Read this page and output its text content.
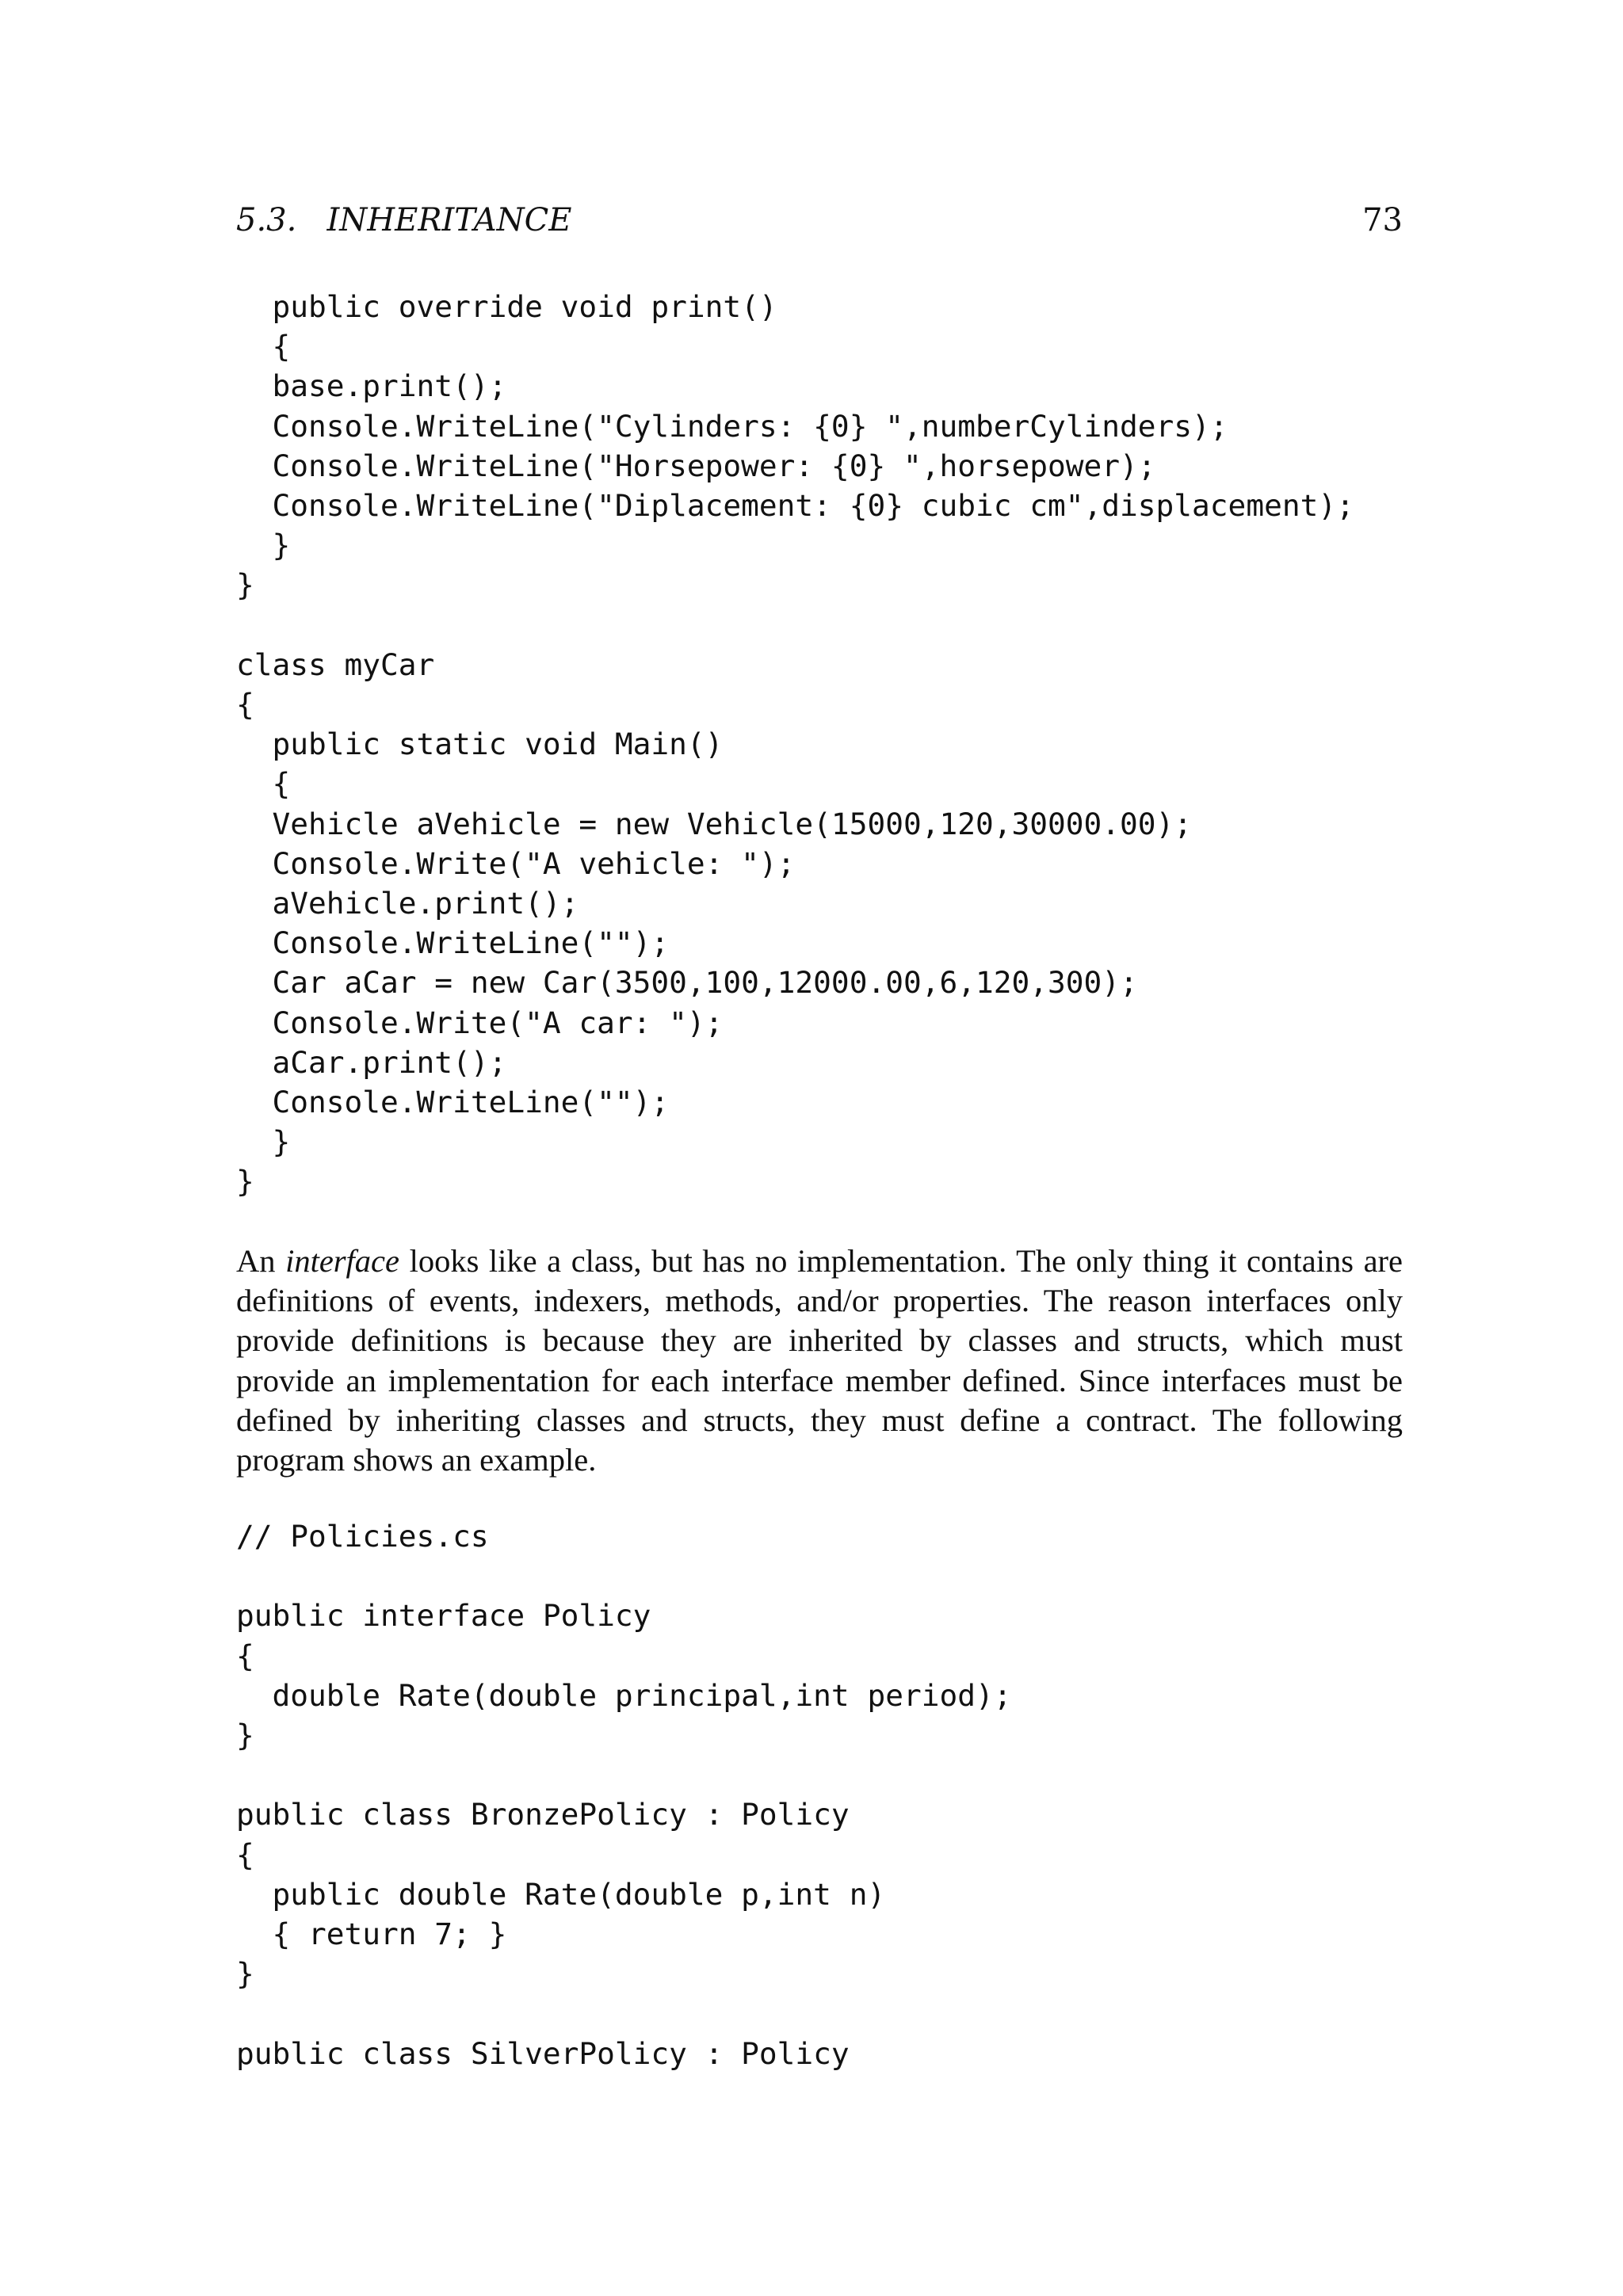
5.3.   INHERITANCE	73
public override void print()
{
base.print();
Console.WriteLine("Cylinders: {0} ",numberCylinders);
Console.WriteLine("Horsepower: {0} ",horsepower);
Console.WriteLine("Diplacement: {0} cubic cm",displacement);
}
}

class myCar
{
public static void Main()
{
Vehicle aVehicle = new Vehicle(15000,120,30000.00);
Console.Write("A vehicle: ");
aVehicle.print();
Console.WriteLine("");
Car aCar = new Car(3500,100,12000.00,6,120,300);
Console.Write("A car: ");
aCar.print();
Console.WriteLine("");
}
}

An interface looks like a class, but has no implementation. The only thing it contains are definitions of events, indexers, methods, and/or properties. The reason interfaces only provide definitions is because they are inherited by classes and structs, which must provide an implementation for each interface member defined. Since interfaces must be defined by inheriting classes and structs, they must define a contract. The following program shows an example.

// Policies.cs

public interface Policy
{
double Rate(double principal,int period);
}

public class BronzePolicy : Policy
{
public double Rate(double p,int n)
{ return 7; }
}

public class SilverPolicy : Policy
